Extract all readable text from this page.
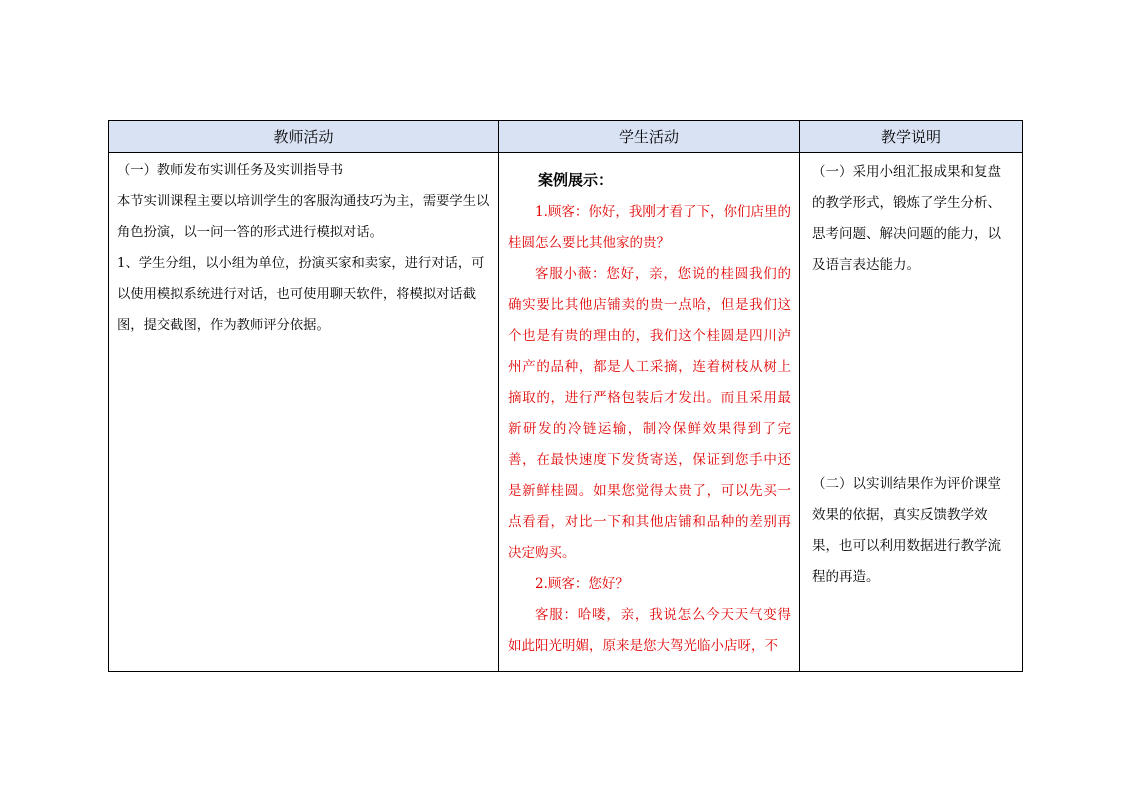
教师活动	学生活动	教学说明

（一）教师发布实训任务及实训指导书

本节实训课程主要以培训学生的客服沟通技巧为主，需要学生以角色扮演，以一问一答的形式进行模拟对话。

1、学生分组，以小组为单位，扮演买家和卖家，进行对话，可以使用模拟系统进行对话，也可使用聊天软件，将模拟对话截图，提交截图，作为教师评分依据。

案例展示：

1.顾客：你好，我刚才看了下，你们店里的桂圆怎么要比其他家的贵？

客服小薇：您好，亲，您说的桂圆我们的确实要比其他店铺卖的贵一点哈，但是我们这个也是有贵的理由的，我们这个桂圆是四川泸州产的品种，都是人工采摘，连着树枝从树上摘取的，进行严格包装后才发出。而且采用最新研发的冷链运输，制冷保鲜效果得到了完善，在最快速度下发货寄送，保证到您手中还是新鲜桂圆。如果您觉得太贵了，可以先买一点看看，对比一下和其他店铺和品种的差别再决定购买。

2.顾客：您好？

客服：哈喽，亲，我说怎么今天天气变得如此阳光明媚，原来是您大驾光临小店呀，不

（一）采用小组汇报成果和复盘的教学形式，锻炼了学生分析、思考问题、解决问题的能力，以及语言表达能力。

（二）以实训结果作为评价课堂效果的依据，真实反馈教学效果，也可以利用数据进行教学流程的再造。
